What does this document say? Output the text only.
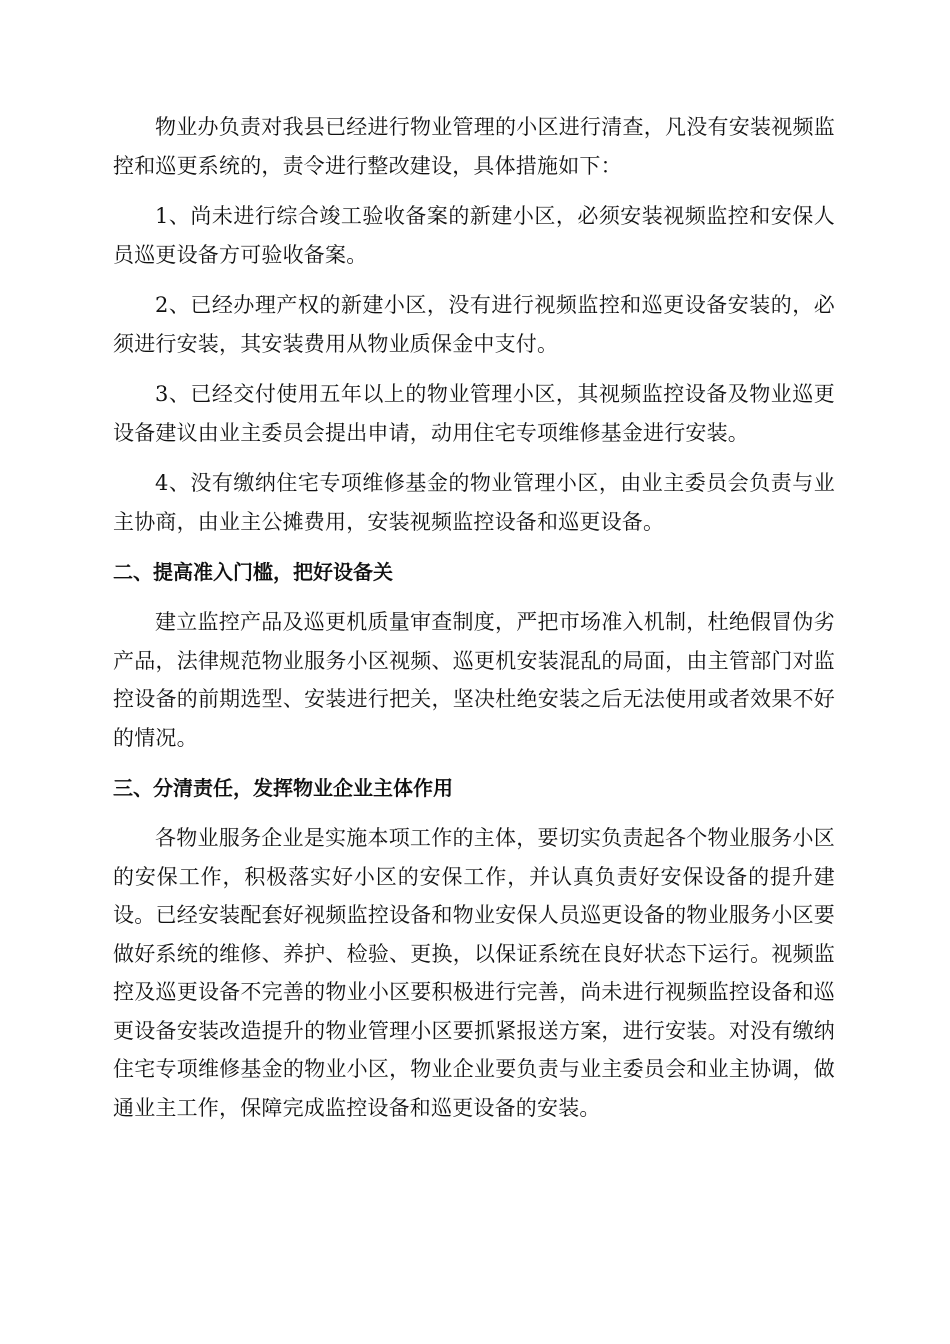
物业办负责对我县已经进行物业管理的小区进行清查，凡没有安装视频监控和巡更系统的，责令进行整改建设，具体措施如下：

1、尚未进行综合竣工验收备案的新建小区，必须安装视频监控和安保人员巡更设备方可验收备案。

2、已经办理产权的新建小区，没有进行视频监控和巡更设备安装的，必须进行安装，其安装费用从物业质保金中支付。

3、已经交付使用五年以上的物业管理小区，其视频监控设备及物业巡更设备建议由业主委员会提出申请，动用住宅专项维修基金进行安装。

4、没有缴纳住宅专项维修基金的物业管理小区，由业主委员会负责与业主协商，由业主公摊费用，安装视频监控设备和巡更设备。

二、提高准入门槛，把好设备关

建立监控产品及巡更机质量审查制度，严把市场准入机制，杜绝假冒伪劣产品，法律规范物业服务小区视频、巡更机安装混乱的局面，由主管部门对监控设备的前期选型、安装进行把关，坚决杜绝安装之后无法使用或者效果不好的情况。

三、分清责任，发挥物业企业主体作用

各物业服务企业是实施本项工作的主体，要切实负责起各个物业服务小区的安保工作，积极落实好小区的安保工作，并认真负责好安保设备的提升建设。已经安装配套好视频监控设备和物业安保人员巡更设备的物业服务小区要做好系统的维修、养护、检验、更换，以保证系统在良好状态下运行。视频监控及巡更设备不完善的物业小区要积极进行完善，尚未进行视频监控设备和巡更设备安装改造提升的物业管理小区要抓紧报送方案，进行安装。对没有缴纳住宅专项维修基金的物业小区，物业企业要负责与业主委员会和业主协调，做通业主工作，保障完成监控设备和巡更设备的安装。
